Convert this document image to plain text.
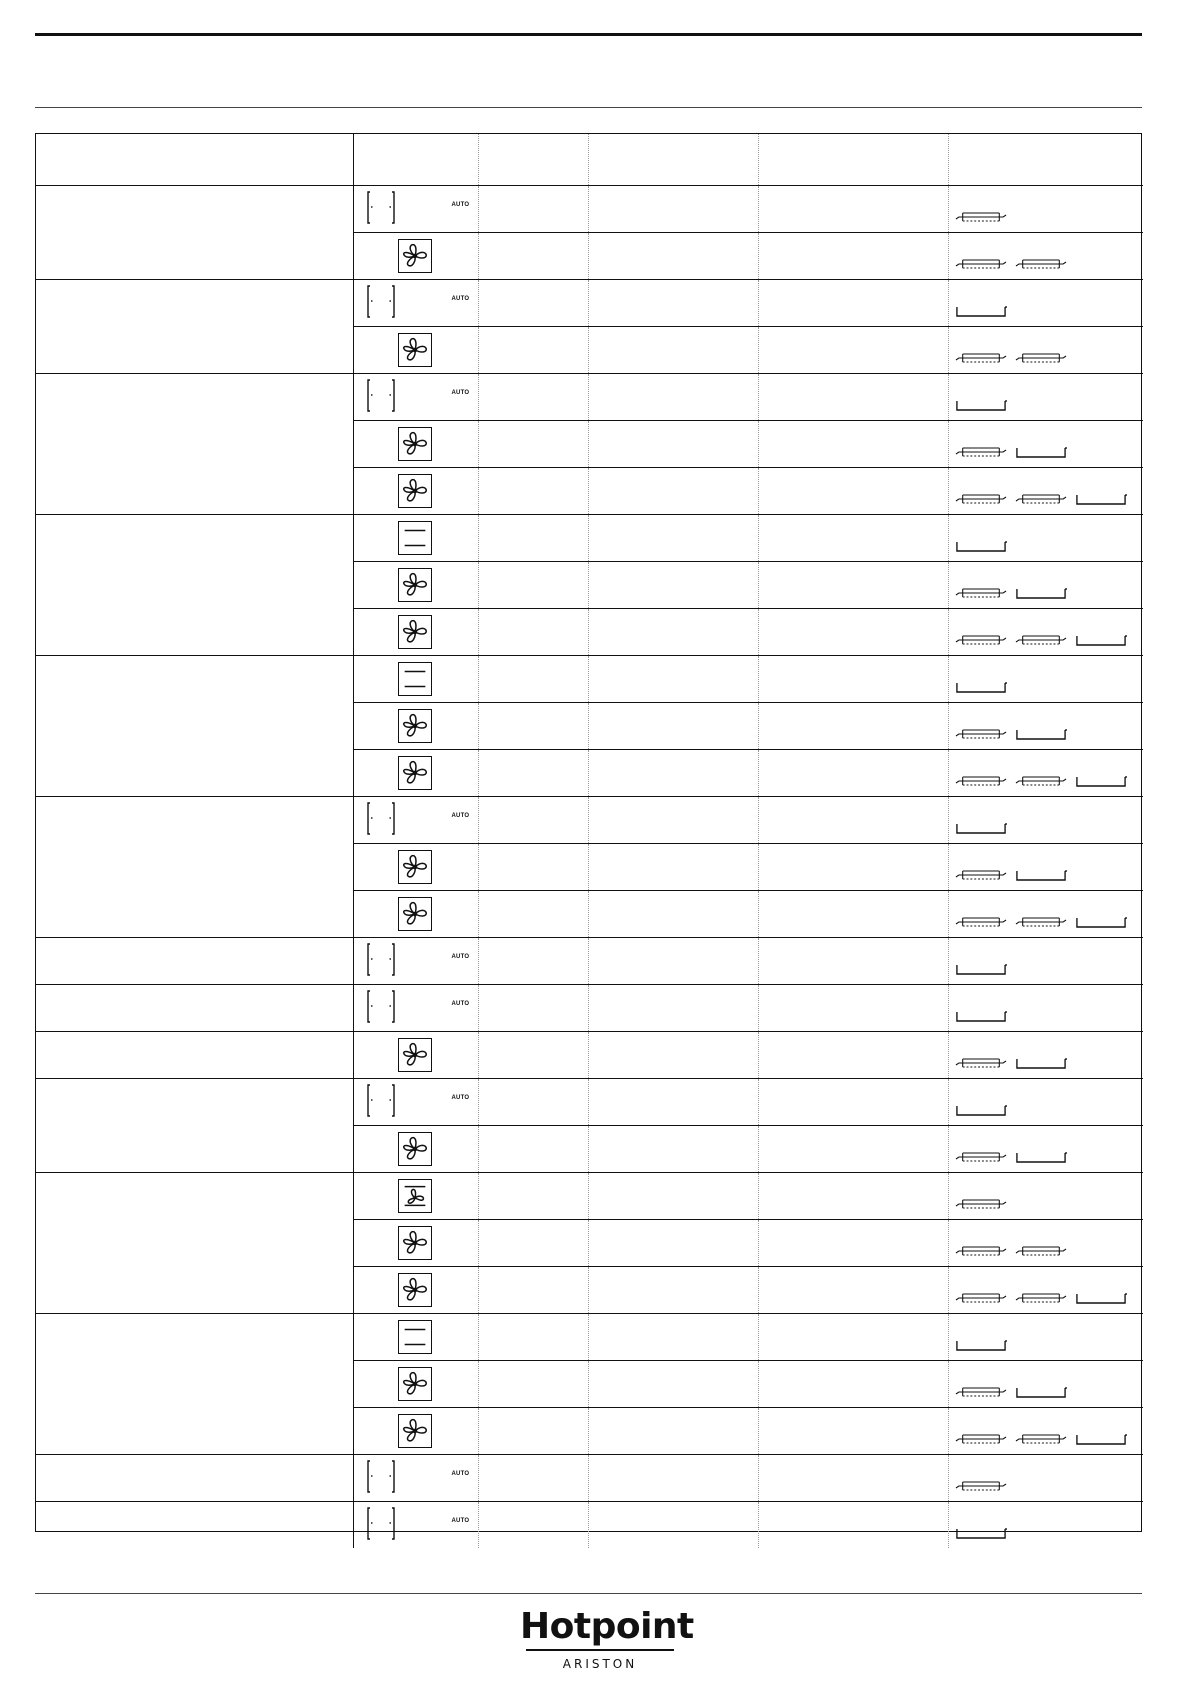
	AUTO

	AUTO

	AUTO

	AUTO

	AUTO

	AUTO

	AUTO

	AUTO

	AUTO

Hotpoint
ARISTON
